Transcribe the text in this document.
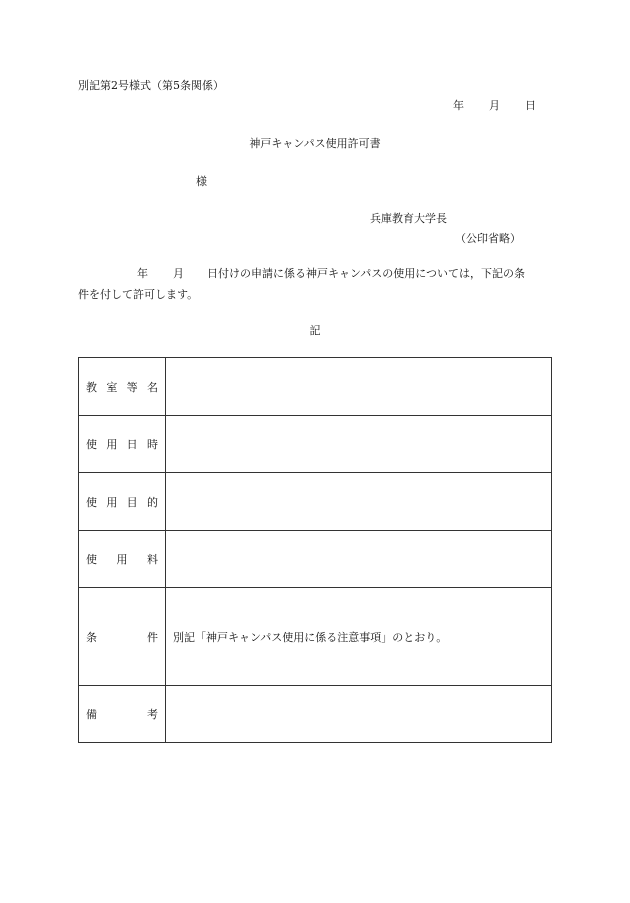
別記第2号様式（第5条関係）
年 月 日
神戸キャンパス使用許可書
様
兵庫教育大学長
（公印省略）
年 月 日付けの申請に係る神戸キャンパスの使用については，下記の条
件を付して許可します。
記
教 室 等 名	

使 用 日 時	

使 用 目 的	

使 用 料	

条 件	別記「神戸キャンパス使用に係る注意事項」のとおり。

備 考	
